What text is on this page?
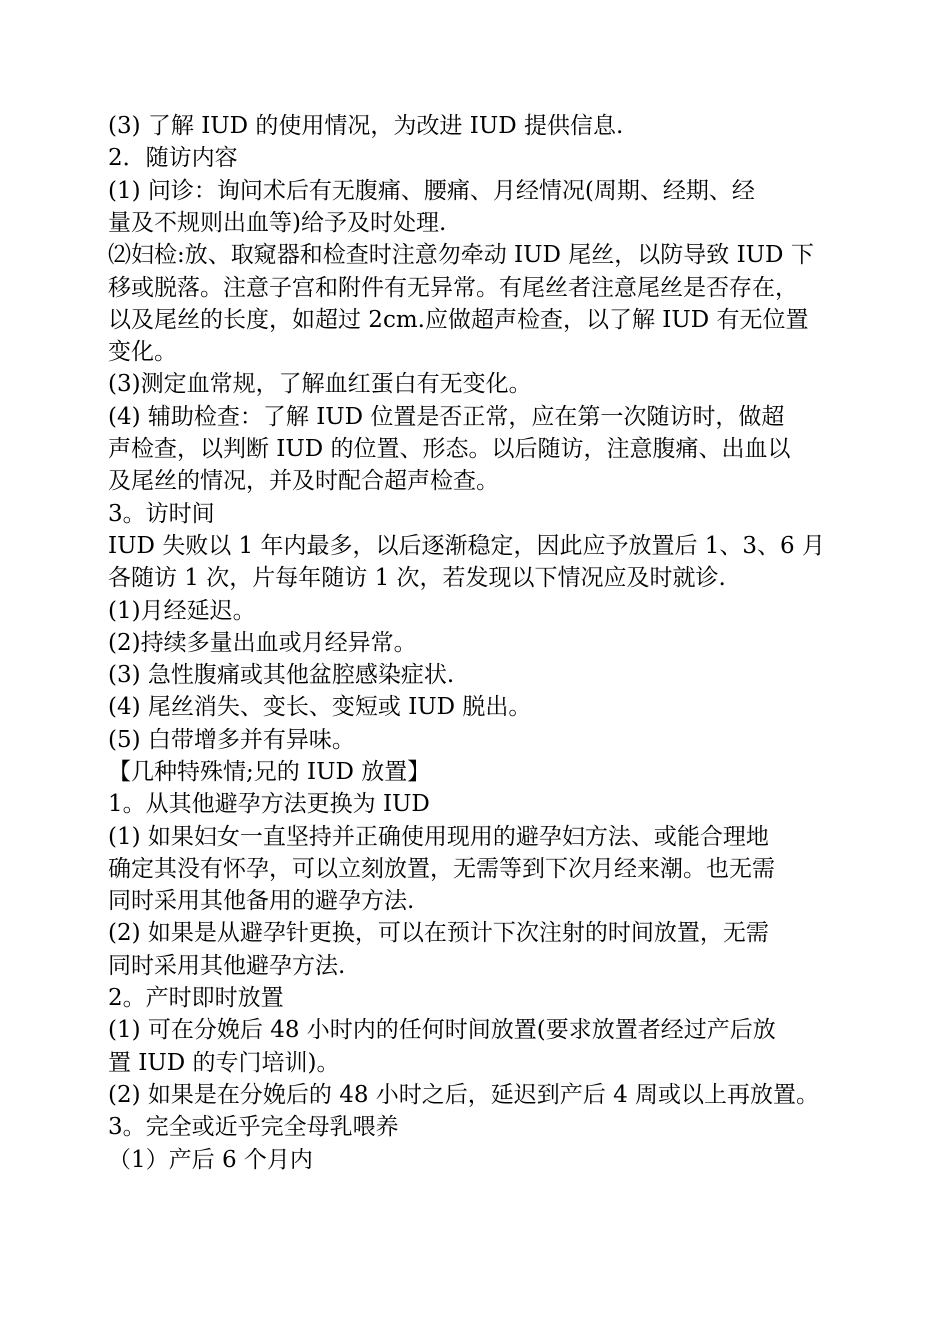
(3) 了解 IUD 的使用情况，为改进 IUD 提供信息.
2．随访内容
(1) 问诊：询问术后有无腹痛、腰痛、月经情况(周期、经期、经
量及不规则出血等)给予及时处理.
⑵妇检:放、取窥器和检查时注意勿牵动 IUD 尾丝，以防导致 IUD 下
移或脱落。注意子宫和附件有无异常。有尾丝者注意尾丝是否存在，
以及尾丝的长度，如超过 2cm.应做超声检查，以了解 IUD 有无位置
变化。
(3)测定血常规，了解血红蛋白有无变化。
(4) 辅助检查：了解 IUD 位置是否正常，应在第一次随访时，做超
声检查，以判断 IUD 的位置、形态。以后随访，注意腹痛、出血以
及尾丝的情况，并及时配合超声检查。
3。访时间
IUD 失败以 1 年内最多，以后逐渐稳定，因此应予放置后 1、3、6 月
各随访 1 次，片每年随访 1 次，若发现以下情况应及时就诊.
(1)月经延迟。
(2)持续多量出血或月经异常。
(3) 急性腹痛或其他盆腔感染症状.
(4) 尾丝消失、变长、变短或 IUD 脱出。
(5) 白带增多并有异味。
【几种特殊情;兄的 IUD 放置】
1。从其他避孕方法更换为 IUD
(1) 如果妇女一直坚持并正确使用现用的避孕妇方法、或能合理地
确定其没有怀孕，可以立刻放置，无需等到下次月经来潮。也无需
同时采用其他备用的避孕方法.
(2) 如果是从避孕针更换，可以在预计下次注射的时间放置，无需
同时采用其他避孕方法.
2。产时即时放置
(1) 可在分娩后 48 小时内的任何时间放置(要求放置者经过产后放
置 IUD 的专门培训)。
(2) 如果是在分娩后的 48 小时之后，延迟到产后 4 周或以上再放置。
3。完全或近乎完全母乳喂养
（1）产后 6 个月内
